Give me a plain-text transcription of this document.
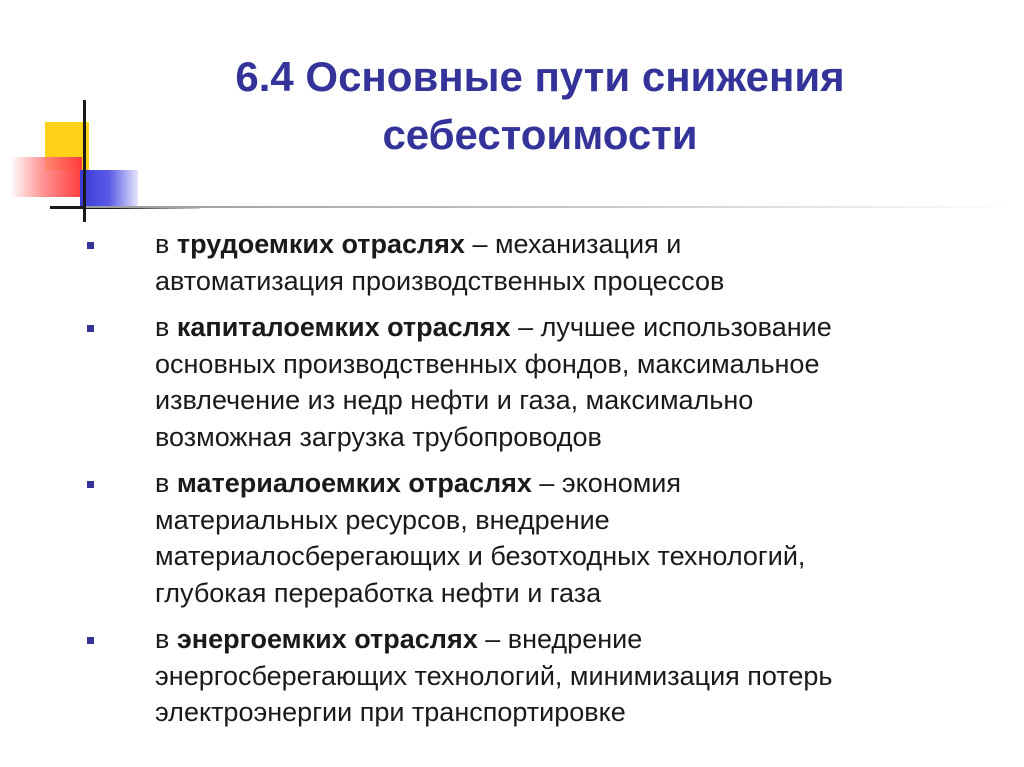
6.4 Основные пути снижения
себестоимости
в трудоемких отраслях – механизация и
автоматизация производственных процессов
в капиталоемких отраслях – лучшее использование
основных производственных фондов, максимальное
извлечение из недр нефти и газа, максимально
возможная загрузка трубопроводов
в материалоемких отраслях – экономия
материальных ресурсов, внедрение
материалосберегающих и безотходных технологий,
глубокая переработка нефти и газа
в энергоемких отраслях – внедрение
энергосберегающих технологий, минимизация потерь
электроэнергии при транспортировке
